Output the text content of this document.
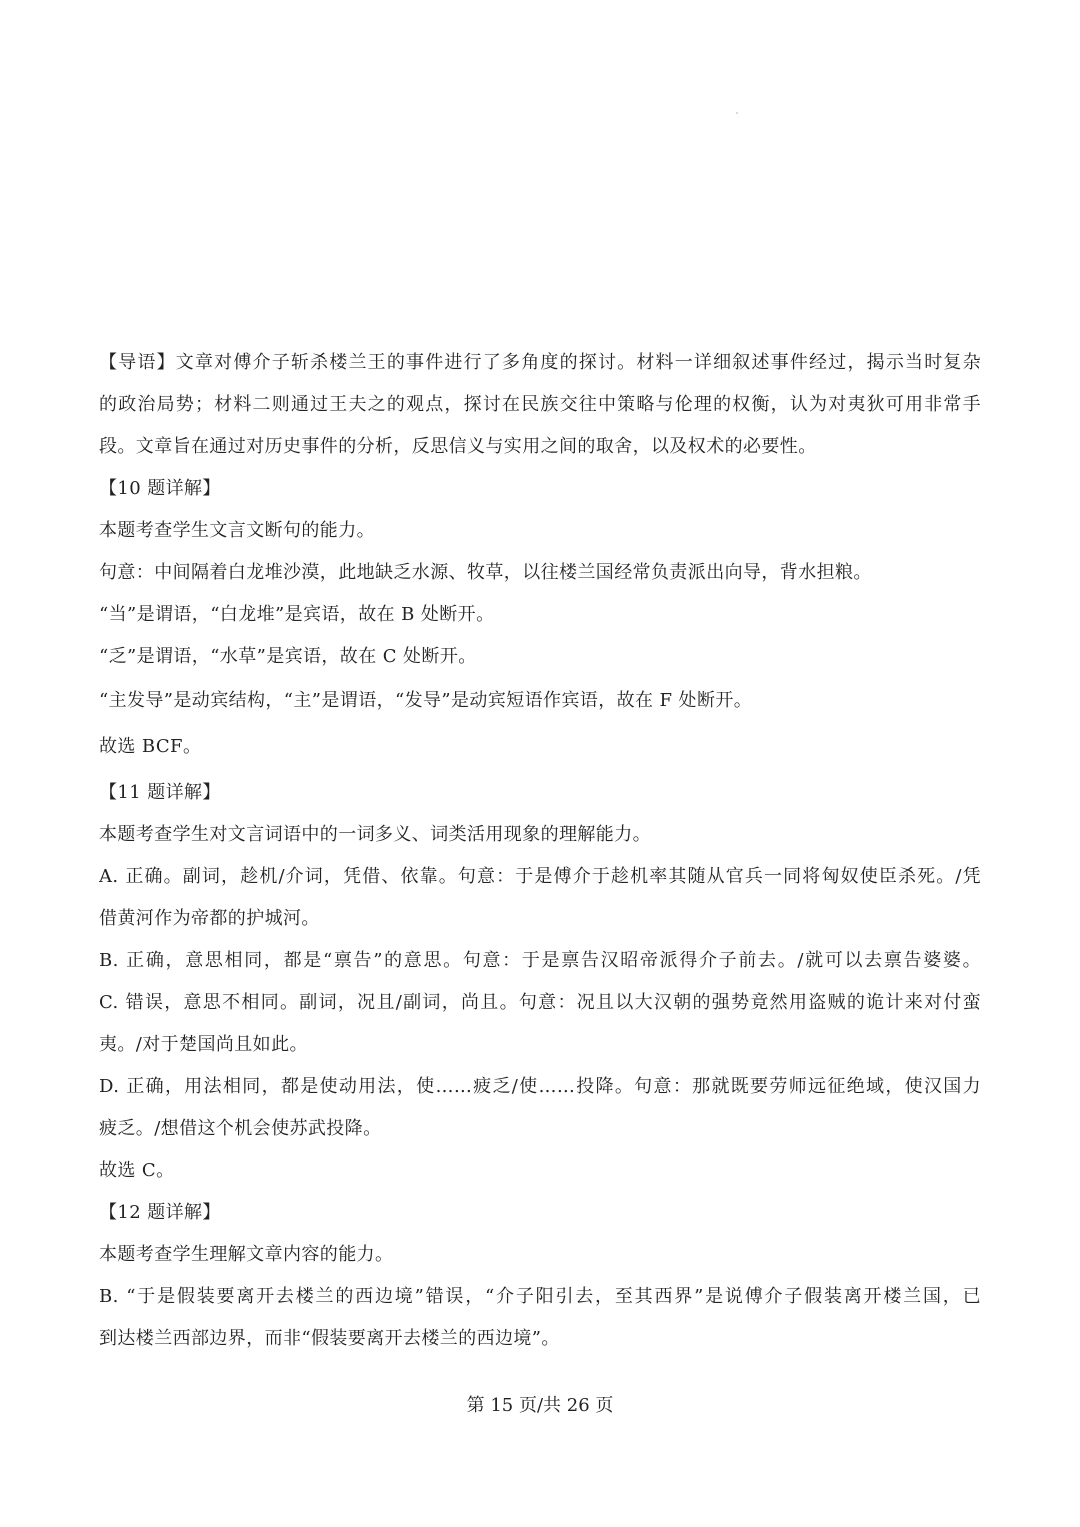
【导语】文章对傅介子斩杀楼兰王的事件进行了多角度的探讨。材料一详细叙述事件经过，揭示当时复杂
的政治局势；材料二则通过王夫之的观点，探讨在民族交往中策略与伦理的权衡，认为对夷狄可用非常手
段。文章旨在通过对历史事件的分析，反思信义与实用之间的取舍，以及权术的必要性。
【10 题详解】
本题考查学生文言文断句的能力。
句意：中间隔着白龙堆沙漠，此地缺乏水源、牧草，以往楼兰国经常负责派出向导，背水担粮。
“当”是谓语，“白龙堆”是宾语，故在 B 处断开。
“乏”是谓语，“水草”是宾语，故在 C 处断开。
“主发导”是动宾结构，“主”是谓语，“发导”是动宾短语作宾语，故在 F 处断开。
故选 BCF。
【11 题详解】
本题考查学生对文言词语中的一词多义、词类活用现象的理解能力。
A. 正确。副词，趁机/介词，凭借、依靠。句意：于是傅介于趁机率其随从官兵一同将匈奴使臣杀死。/凭
借黄河作为帝都的护城河。
B. 正确，意思相同，都是“禀告”的意思。句意：于是禀告汉昭帝派得介子前去。/就可以去禀告婆婆。
C. 错误，意思不相同。副词，况且/副词，尚且。句意：况且以大汉朝的强势竟然用盗贼的诡计来对付蛮
夷。/对于楚国尚且如此。
D. 正确，用法相同，都是使动用法，使……疲乏/使……投降。句意：那就既要劳师远征绝域，使汉国力
疲乏。/想借这个机会使苏武投降。
故选 C。
【12 题详解】
本题考查学生理解文章内容的能力。
B. “于是假装要离开去楼兰的西边境”错误，“介子阳引去，至其西界”是说傅介子假装离开楼兰国，已
到达楼兰西部边界，而非“假装要离开去楼兰的西边境”。
第 15 页/共 26 页
